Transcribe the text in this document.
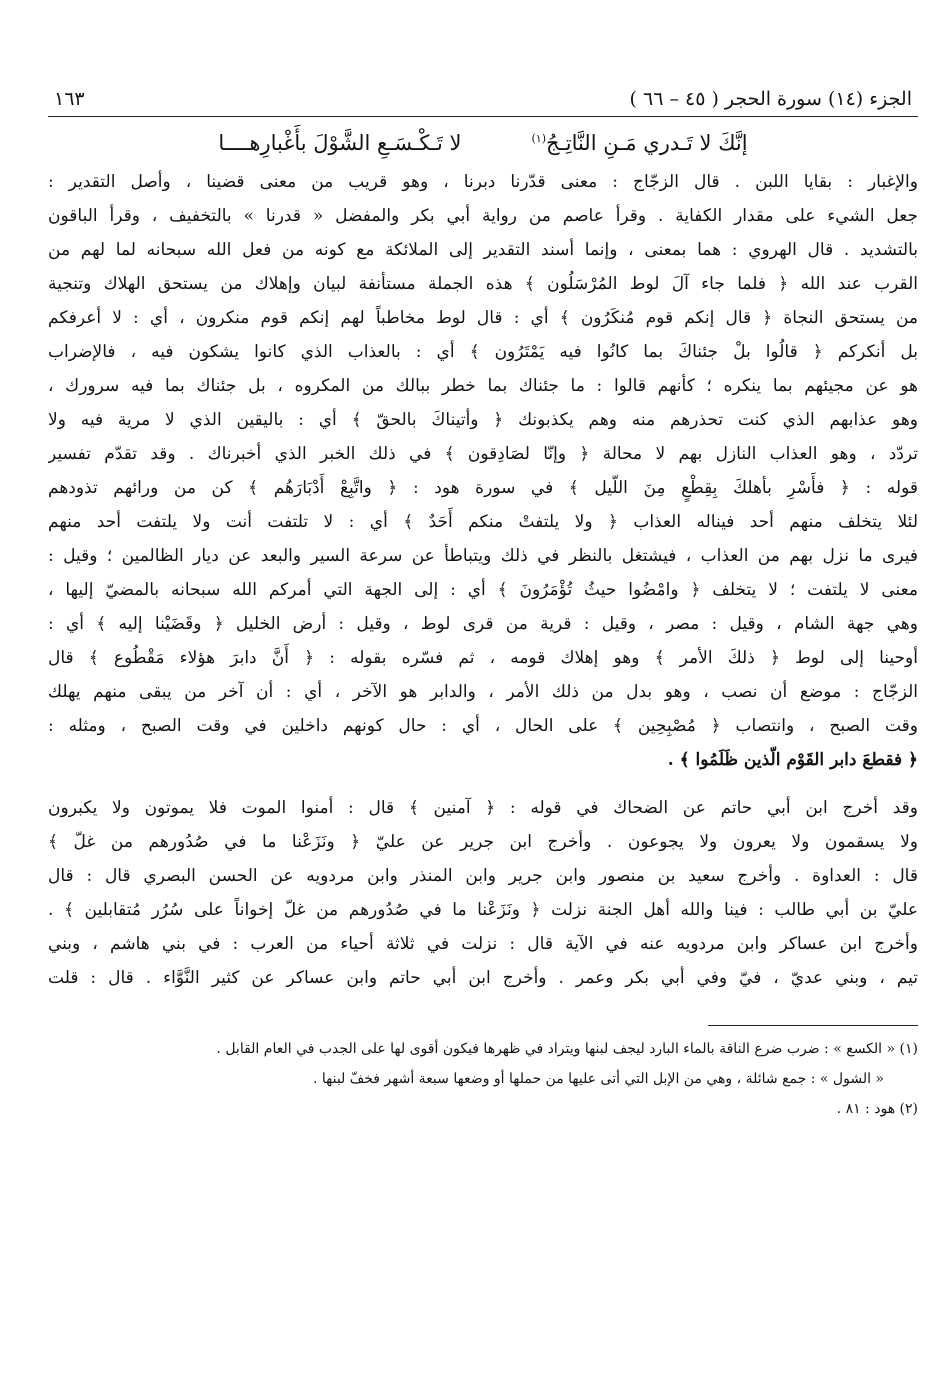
الجزء (١٤) سورة الحجر ( ٤٥ – ٦٦ )
١٦٣
إنَّكَ لا تَـدري مَـنِ النَّاتِـجُ$^{(١)}$
لا تَـكْـسَـعِ الشَّوْلَ بأَغْبارِهــــا

والإغبار : بقايا اللبن . قال الزجّاج : معنى قدّرنا دبرنا ، وهو قريب من معنى قضينا ، وأصل التقدير :

جعل الشيء على مقدار الكفاية . وقرأ عاصم من رواية أبي بكر والمفضل « قدرنا » بالتخفيف ، وقرأ الباقون

بالتشديد . قال الهروي : هما بمعنى ، وإنما أسند التقدير إلى الملائكة مع كونه من فعل الله سبحانه لما لهم من

القرب عند الله ﴿ فلما جاء آلَ لوط المُرْسَلُون ﴾ هذه الجملة مستأنفة لبيان وإهلاك من يستحق الهلاك وتنجية

من يستحق النجاة ﴿ قال إنكم قوم مُنكَرُون ﴾ أي : قال لوط مخاطباً لهم إنكم قوم منكرون ، أي : لا أعرفكم

بل أنكركم ﴿ قالُوا بلْ جئناكَ بما كانُوا فيه يَمْتَرُون ﴾ أي : بالعذاب الذي كانوا يشكون فيه ، فالإضراب

هو عن مجيئهم بما ينكره ؛ كأنهم قالوا : ما جئناك بما خطر ببالك من المكروه ، بل جئناك بما فيه سرورك ،

وهو عذابهم الذي كنت تحذرهم منه وهم يكذبونك ﴿ وأتيناكَ بالحقّ ﴾ أي : باليقين الذي لا مرية فيه ولا

تردّد ، وهو العذاب النازل بهم لا محالة ﴿ وإنّا لصَادِقون ﴾ في ذلك الخبر الذي أخبرناك . وقد تقدّم تفسير

قوله : ﴿ فأَسْرِ بأهلكَ بِقِطْعٍ مِنَ اللّيل ﴾ في سورة هود : ﴿ واتَّبِعْ أَدْبَارَهُم ﴾ كن من ورائهم تذودهم

لئلا يتخلف منهم أحد فيناله العذاب ﴿ ولا يلتفتْ منكم أَحَدٌ ﴾ أي : لا تلتفت أنت ولا يلتفت أحد منهم

فيرى ما نزل بهم من العذاب ، فيشتغل بالنظر في ذلك ويتباطأ عن سرعة السير والبعد عن ديار الظالمين ؛ وقيل :

معنى لا يلتفت ؛ لا يتخلف ﴿ وامْضُوا حيثُ تُؤْمَرُونَ ﴾ أي : إلى الجهة التي أمركم الله سبحانه بالمضيّ إليها ،

وهي جهة الشام ، وقيل : مصر ، وقيل : قرية من قرى لوط ، وقيل : أرض الخليل ﴿ وقَضَيْنا إليه ﴾ أي :

أوحينا إلى لوط ﴿ ذلكَ الأمر ﴾ وهو إهلاك قومه ، ثم فسّره بقوله : ﴿ أَنَّ دابرَ هؤلاء مَقْطُوع ﴾ قال

الزجّاج : موضع أن نصب ، وهو بدل من ذلك الأمر ، والدابر هو الآخر ، أي : أن آخر من يبقى منهم يهلك

وقت الصبح ، وانتصاب ﴿ مُصْبِحِين ﴾ على الحال ، أي : حال كونهم داخلين في وقت الصبح ، ومثله :

﴿ فقطعَ دابر القَوْم الّذين ظَلَمُوا ﴾ .

وقد أخرج ابن أبي حاتم عن الضحاك في قوله : ﴿ آمنين ﴾ قال : أمنوا الموت فلا يموتون ولا يكبرون

ولا يسقمون ولا يعرون ولا يجوعون . وأخرج ابن جرير عن عليّ ﴿ ونَزَعْنا ما في صُدُورهم من غلّ ﴾

قال : العداوة . وأخرج سعيد بن منصور وابن جرير وابن المنذر وابن مردويه عن الحسن البصري قال : قال

عليّ بن أبي طالب : فينا والله أهل الجنة نزلت ﴿ ونَزَعْنا ما في صُدُورهم من غلّ إخواناً على سُرُر مُتقابلين ﴾ .

وأخرج ابن عساكر وابن مردويه عنه في الآية قال : نزلت في ثلاثة أحياء من العرب : في بني هاشم ، وبني

تيم ، وبني عديّ ، فيّ وفي أبي بكر وعمر . وأخرج ابن أبي حاتم وابن عساكر عن كثير النَّوَّاء . قال : قلت

(١) « الكسع » : ضرب ضرع الناقة بالماء البارد ليجف لبنها ويتراد في ظهرها فيكون أقوى لها على الجدب في العام القابل .

« الشول » : جمع شائلة ، وهي من الإبل التي أتى عليها من حملها أو وضعها سبعة أشهر فخفّ لبنها .

(٢) هود : ٨١ .
